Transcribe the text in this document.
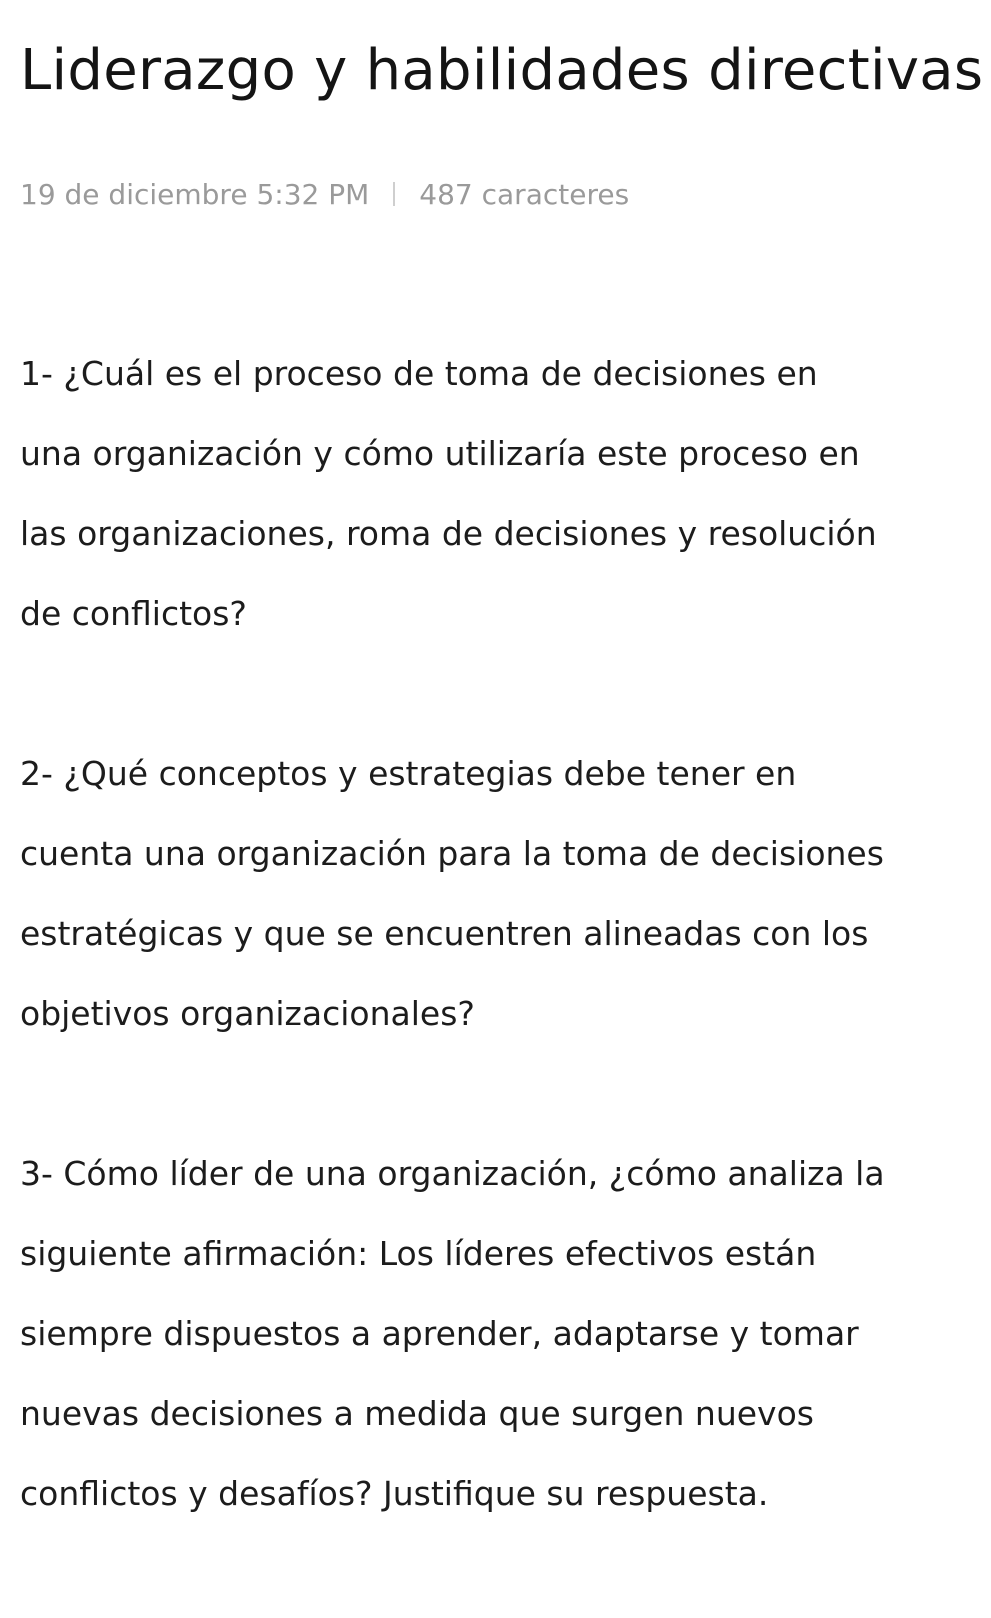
Liderazgo y habilidades directivas
19 de diciembre 5:32 PM 487 caracteres

1- ¿Cuál es el proceso de toma de decisiones en
una organización y cómo utilizaría este proceso en
las organizaciones, roma de decisiones y resolución
de conflictos?

2- ¿Qué conceptos y estrategias debe tener en
cuenta una organización para la toma de decisiones
estratégicas y que se encuentren alineadas con los
objetivos organizacionales?

3- Cómo líder de una organización, ¿cómo analiza la
siguiente afirmación: Los líderes efectivos están
siempre dispuestos a aprender, adaptarse y tomar
nuevas decisiones a medida que surgen nuevos
conflictos y desafíos? Justifique su respuesta.
